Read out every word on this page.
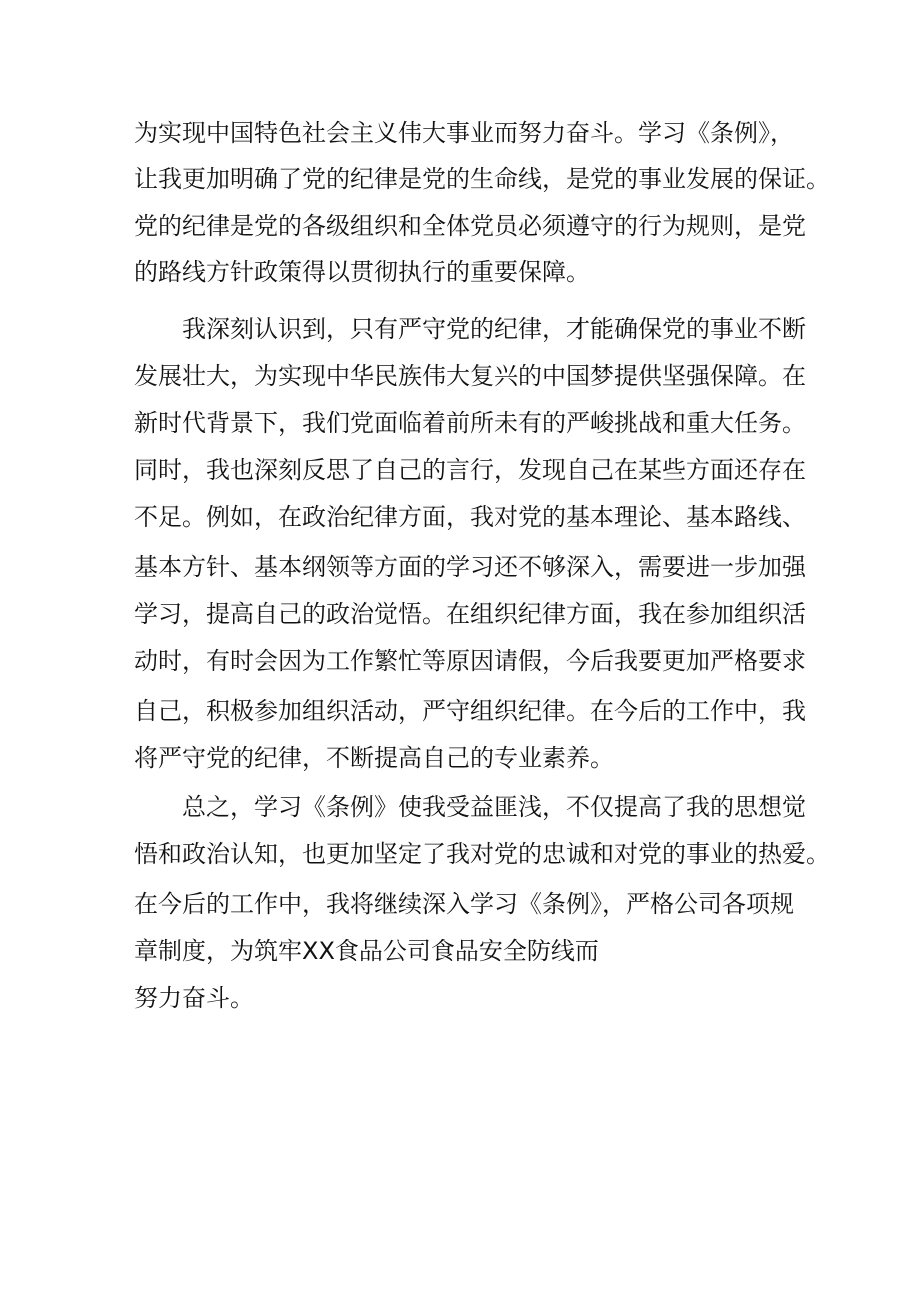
为实现中国特色社会主义伟大事业而努力奋斗。学习《条例》，
让我更加明确了党的纪律是党的生命线，是党的事业发展的保证。
党的纪律是党的各级组织和全体党员必须遵守的行为规则，是党
的路线方针政策得以贯彻执行的重要保障。
我深刻认识到，只有严守党的纪律，才能确保党的事业不断
发展壮大，为实现中华民族伟大复兴的中国梦提供坚强保障。在
新时代背景下，我们党面临着前所未有的严峻挑战和重大任务。
同时，我也深刻反思了自己的言行，发现自己在某些方面还存在
不足。例如，在政治纪律方面，我对党的基本理论、基本路线、
基本方针、基本纲领等方面的学习还不够深入，需要进一步加强
学习，提高自己的政治觉悟。在组织纪律方面，我在参加组织活
动时，有时会因为工作繁忙等原因请假，今后我要更加严格要求
自己，积极参加组织活动，严守组织纪律。在今后的工作中，我
将严守党的纪律，不断提高自己的专业素养。
总之，学习《条例》使我受益匪浅，不仅提高了我的思想觉
悟和政治认知，也更加坚定了我对党的忠诚和对党的事业的热爱。
在今后的工作中，我将继续深入学习《条例》，严格公司各项规
章制度，为筑牢XX食品公司食品安全防线而
努力奋斗。
